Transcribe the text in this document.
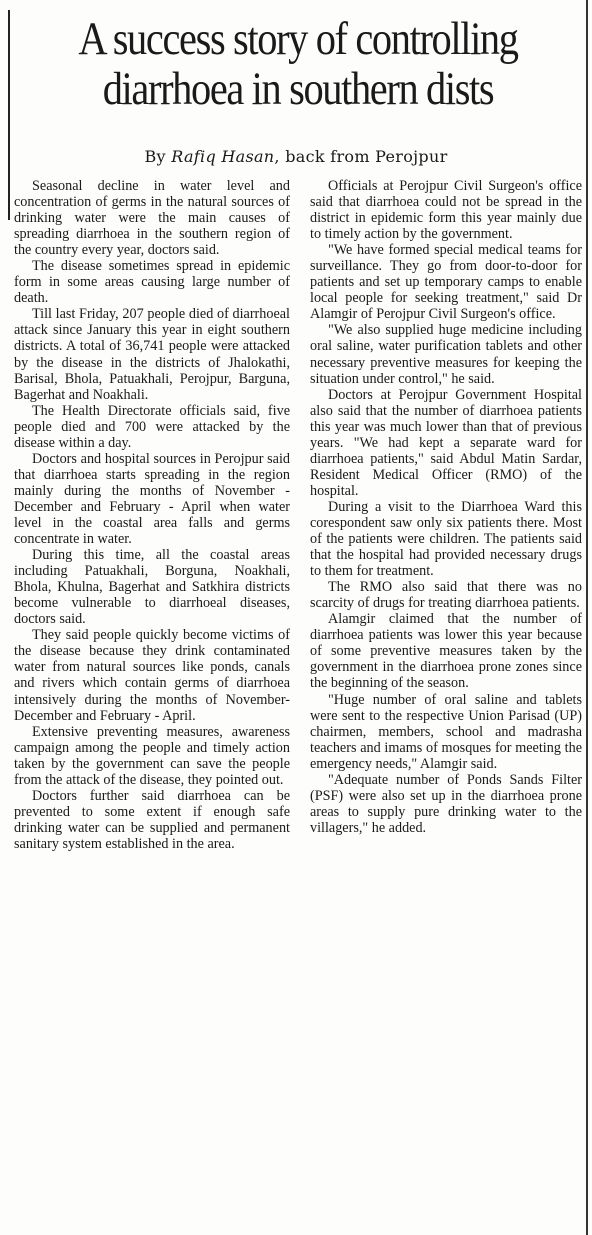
A success story of controlling
diarrhoea in southern dists
By Rafiq Hasan, back from Perojpur

Seasonal decline in water level and concentration of germs in the natural sources of drinking water were the main causes of spreading diarrhoea in the southern region of the country every year, doctors said.

The disease sometimes spread in epidemic form in some areas causing large number of death.

Till last Friday, 207 people died of diarrhoeal attack since January this year in eight southern districts. A total of 36,741 people were attacked by the disease in the districts of Jhalokathi, Barisal, Bhola, Patuakhali, Perojpur, Barguna, Bagerhat and Noakhali.

The Health Directorate officials said, five people died and 700 were attacked by the disease within a day.

Doctors and hospital sources in Perojpur said that diarrhoea starts spreading in the region mainly during the months of November - December and February - April when water level in the coastal area falls and germs concentrate in water.

During this time, all the coastal areas including Patuakhali, Borguna, Noakhali, Bhola, Khulna, Bagerhat and Satkhira districts become vulnerable to diarrhoeal diseases, doctors said.

They said people quickly become victims of the disease because they drink contaminated water from natural sources like ponds, canals and rivers which contain germs of diarrhoea intensively during the months of November- December and February - April.

Extensive preventing measures, awareness campaign among the people and timely action taken by the government can save the people from the attack of the disease, they pointed out.

Doctors further said diarrhoea can be prevented to some extent if enough safe drinking water can be supplied and permanent sanitary system established in the area.

Officials at Perojpur Civil Surgeon's office said that diarrhoea could not be spread in the district in epidemic form this year mainly due to timely action by the government.

"We have formed special medical teams for surveillance. They go from door-to-door for patients and set up temporary camps to enable local people for seeking treatment," said Dr Alamgir of Perojpur Civil Surgeon's office.

"We also supplied huge medicine including oral saline, water purification tablets and other necessary preventive measures for keeping the situation under control," he said.

Doctors at Perojpur Government Hospital also said that the number of diarrhoea patients this year was much lower than that of previous years. "We had kept a separate ward for diarrhoea patients," said Abdul Matin Sardar, Resident Medical Officer (RMO) of the hospital.

During a visit to the Diarrhoea Ward this corespondent saw only six patients there. Most of the patients were children. The patients said that the hospital had provided necessary drugs to them for treatment.

The RMO also said that there was no scarcity of drugs for treating diarrhoea patients.

Alamgir claimed that the number of diarrhoea patients was lower this year because of some preventive measures taken by the government in the diarrhoea prone zones since the beginning of the season.

"Huge number of oral saline and tablets were sent to the respective Union Parisad (UP) chairmen, members, school and madrasha teachers and imams of mosques for meeting the emergency needs," Alamgir said.

"Adequate number of Ponds Sands Filter (PSF) were also set up in the diarrhoea prone areas to supply pure drinking water to the villagers," he added.
